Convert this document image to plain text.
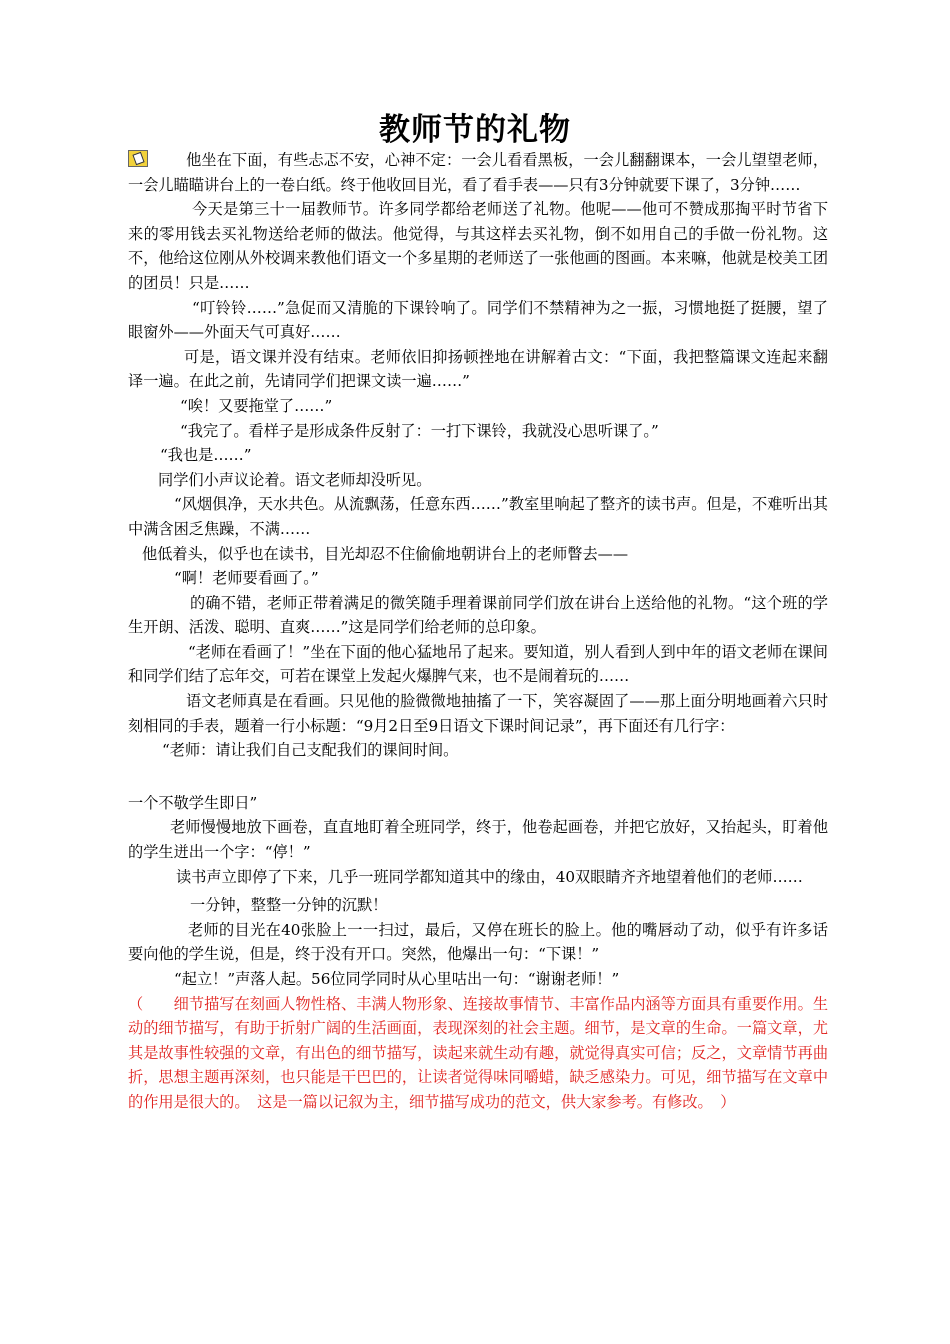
教师节的礼物

他坐在下面，有些忐忑不安，心神不定：一会儿看看黑板，一会儿翻翻课本，一会儿望望老师，一会儿瞄瞄讲台上的一卷白纸。终于他收回目光，看了看手表——只有3分钟就要下课了，3分钟……

今天是第三十一届教师节。许多同学都给老师送了礼物。他呢——他可不赞成那掏平时节省下来的零用钱去买礼物送给老师的做法。他觉得，与其这样去买礼物，倒不如用自己的手做一份礼物。这不，他给这位刚从外校调来教他们语文一个多星期的老师送了一张他画的图画。本来嘛，他就是校美工团的团员！只是……

“叮铃铃……”急促而又清脆的下课铃响了。同学们不禁精神为之一振，习惯地挺了挺腰，望了眼窗外——外面天气可真好……

可是，语文课并没有结束。老师依旧抑扬顿挫地在讲解着古文：“下面，我把整篇课文连起来翻译一遍。在此之前，先请同学们把课文读一遍……”

“唉！又要拖堂了……”

“我完了。看样子是形成条件反射了：一打下课铃，我就没心思听课了。”

“我也是……”

同学们小声议论着。语文老师却没听见。

“风烟俱净，天水共色。从流飘荡，任意东西……”教室里响起了整齐的读书声。但是，不难听出其中满含困乏焦躁，不满……

他低着头，似乎也在读书，目光却忍不住偷偷地朝讲台上的老师瞥去——

“啊！老师要看画了。”

的确不错，老师正带着满足的微笑随手理着课前同学们放在讲台上送给他的礼物。“这个班的学生开朗、活泼、聪明、直爽……”这是同学们给老师的总印象。

“老师在看画了！”坐在下面的他心猛地吊了起来。要知道，别人看到人到中年的语文老师在课间和同学们结了忘年交，可若在课堂上发起火爆脾气来，也不是闹着玩的……

语文老师真是在看画。只见他的脸微微地抽搐了一下，笑容凝固了——那上面分明地画着六只时刻相同的手表，题着一行小标题：“9月2日至9日语文下课时间记录”，再下面还有几行字：

“老师：请让我们自己支配我们的课间时间。

一个不敬学生即日”

老师慢慢地放下画卷，直直地盯着全班同学，终于，他卷起画卷，并把它放好，又抬起头，盯着他的学生迸出一个字：“停！”

读书声立即停了下来，几乎一班同学都知道其中的缘由，40双眼睛齐齐地望着他们的老师……

一分钟，整整一分钟的沉默！

老师的目光在40张脸上一一扫过，最后，又停在班长的脸上。他的嘴唇动了动，似乎有许多话要向他的学生说，但是，终于没有开口。突然，他爆出一句：“下课！”

“起立！”声落人起。56位同学同时从心里咕出一句：“谢谢老师！”

（　　细节描写在刻画人物性格、丰满人物形象、连接故事情节、丰富作品内涵等方面具有重要作用。生动的细节描写，有助于折射广阔的生活画面，表现深刻的社会主题。细节，是文章的生命。一篇文章，尤其是故事性较强的文章，有出色的细节描写，读起来就生动有趣，就觉得真实可信；反之，文章情节再曲折，思想主题再深刻，也只能是干巴巴的，让读者觉得味同嚼蜡，缺乏感染力。可见，细节描写在文章中的作用是很大的。　这是一篇以记叙为主，细节描写成功的范文，供大家参考。有修改。　）
